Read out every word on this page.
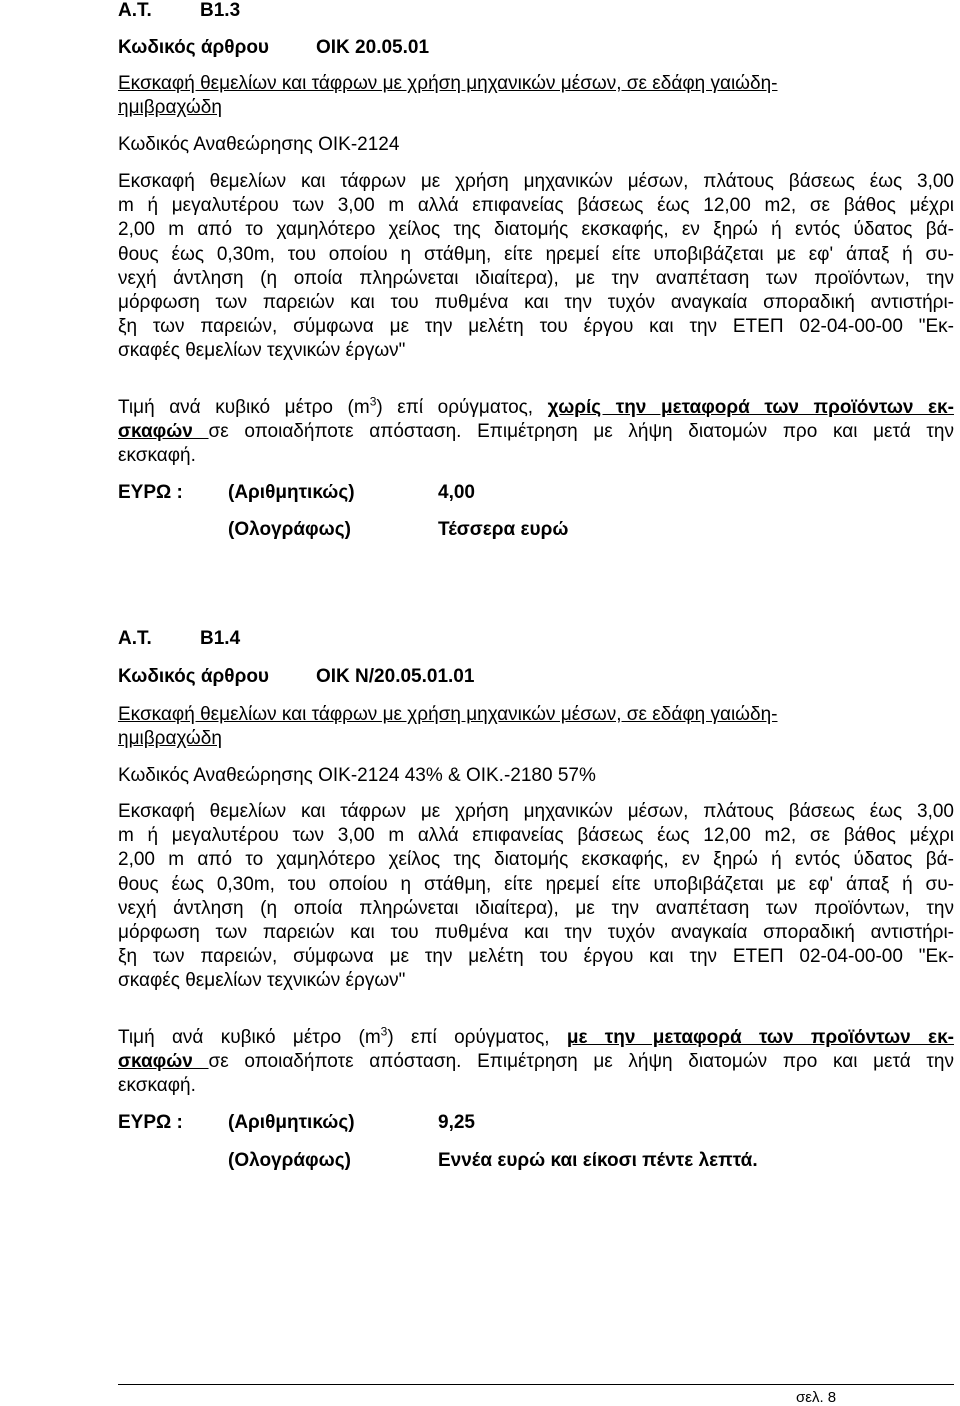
Α.Τ.	Β1.3
Κωδικός άρθρου ΟΙΚ 20.05.01
Εκσκαφή θεμελίων και τάφρων με χρήση μηχανικών μέσων, σε εδάφη γαιώδη-
ημιβραχώδη
Κωδικός Αναθεώρησης ΟΙΚ-2124
Εκσκαφή θεμελίων και τάφρων με χρήση μηχανικών μέσων, πλάτους βάσεως έως 3,00
m ή μεγαλυτέρου των 3,00 m αλλά επιφανείας βάσεως έως 12,00 m2, σε βάθος μέχρι
2,00 m από το χαμηλότερο χείλος της διατομής εκσκαφής, εν ξηρώ ή εντός ύδατος βά-
θους έως 0,30m, του οποίου η στάθμη, είτε ηρεμεί είτε υποβιβάζεται με εφ' άπαξ ή συ-
νεχή άντληση (η οποία πληρώνεται ιδιαίτερα), με την αναπέταση των προϊόντων, την
μόρφωση των παρειών και του πυθμένα και την τυχόν αναγκαία σποραδική αντιστήρι-
ξη των παρειών, σύμφωνα με την μελέτη του έργου και την ΕΤΕΠ 02-04-00-00 "Εκ-
σκαφές θεμελίων τεχνικών έργων"
Τιμή ανά κυβικό μέτρο $(m^3)$ επί ορύγματος, χωρίς την μεταφορά των προϊόντων εκ-
σκαφών σε οποιαδήποτε απόσταση. Επιμέτρηση με λήψη διατομών προ και μετά την
εκσκαφή.
ΕΥΡΩ : (Αριθμητικώς)	4,00
(Ολογράφως)	Τέσσερα ευρώ
Α.Τ.	Β1.4
Κωδικός άρθρου ΟΙΚ Ν/20.05.01.01
Εκσκαφή θεμελίων και τάφρων με χρήση μηχανικών μέσων, σε εδάφη γαιώδη-
ημιβραχώδη
Κωδικός Αναθεώρησης ΟΙΚ-2124 43% & ΟΙΚ.-2180 57%
Εκσκαφή θεμελίων και τάφρων με χρήση μηχανικών μέσων, πλάτους βάσεως έως 3,00
m ή μεγαλυτέρου των 3,00 m αλλά επιφανείας βάσεως έως 12,00 m2, σε βάθος μέχρι
2,00 m από το χαμηλότερο χείλος της διατομής εκσκαφής, εν ξηρώ ή εντός ύδατος βά-
θους έως 0,30m, του οποίου η στάθμη, είτε ηρεμεί είτε υποβιβάζεται με εφ' άπαξ ή συ-
νεχή άντληση (η οποία πληρώνεται ιδιαίτερα), με την αναπέταση των προϊόντων, την
μόρφωση των παρειών και του πυθμένα και την τυχόν αναγκαία σποραδική αντιστήρι-
ξη των παρειών, σύμφωνα με την μελέτη του έργου και την ΕΤΕΠ 02-04-00-00 "Εκ-
σκαφές θεμελίων τεχνικών έργων"
Τιμή ανά κυβικό μέτρο $(m^3)$ επί ορύγματος, με την μεταφορά των προϊόντων εκ-
σκαφών σε οποιαδήποτε απόσταση. Επιμέτρηση με λήψη διατομών προ και μετά την
εκσκαφή.
ΕΥΡΩ : (Αριθμητικώς)	9,25
(Ολογράφως)	Εννέα ευρώ και είκοσι πέντε λεπτά.
σελ. 8
